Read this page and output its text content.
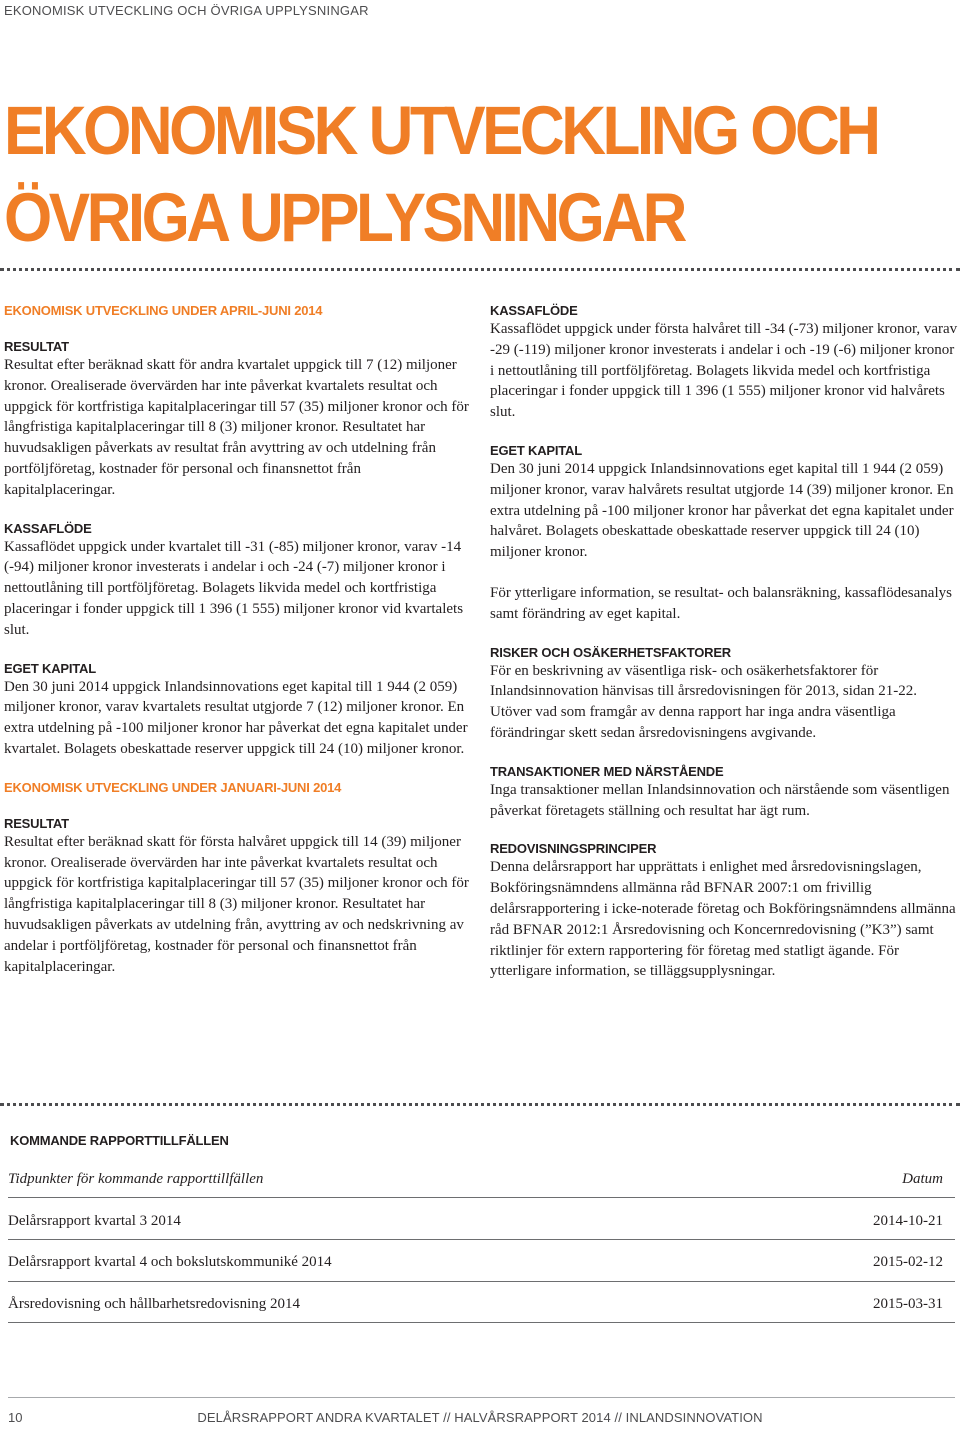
EKONOMISK UTVECKLING OCH ÖVRIGA UPPLYSNINGAR
EKONOMISK UTVECKLING OCH
ÖVRIGA UPPLYSNINGAR
EKONOMISK UTVECKLING UNDER APRIL-JUNI 2014
RESULTAT

Resultat efter beräknad skatt för andra kvartalet uppgick till 7 (12) miljoner kronor. Orealiserade övervärden har inte påverkat kvartalets resultat och uppgick för kortfristiga kapitalplaceringar till 57 (35) miljoner kronor och för långfristiga kapitalplaceringar till 8 (3) miljoner kronor. Resultatet har huvudsakligen påverkats av resultat från avyttring av och utdelning från portföljföretag, kostnader för personal och finansnettot från kapitalplaceringar.

KASSAFLÖDE

Kassaflödet uppgick under kvartalet till -31 (-85) miljoner kronor, varav -14 (-94) miljoner kronor investerats i andelar i och -24 (-7) miljoner kronor i nettoutlåning till portföljföretag. Bolagets likvida medel och kortfristiga placeringar i fonder uppgick till 1 396 (1 555) miljoner kronor vid kvartalets slut.

EGET KAPITAL

Den 30 juni 2014 uppgick Inlandsinnovations eget kapital till 1 944 (2 059) miljoner kronor, varav kvartalets resultat utgjorde 7 (12) miljoner kronor. En extra utdelning på -100 miljoner kronor har påverkat det egna kapitalet under kvartalet. Bolagets obeskattade reserver uppgick till 24 (10) miljoner kronor.

EKONOMISK UTVECKLING UNDER JANUARI-JUNI 2014
RESULTAT

Resultat efter beräknad skatt för första halvåret uppgick till 14 (39) miljoner kronor. Orealiserade övervärden har inte påverkat kvartalets resultat och uppgick för kortfristiga kapitalplaceringar till 57 (35) miljoner kronor och för långfristiga kapitalplaceringar till 8 (3) miljoner kronor. Resultatet har huvudsakligen påverkats av utdelning från, avyttring av och nedskrivning av andelar i portföljföretag, kostnader för personal och finansnettot från kapitalplaceringar.

KASSAFLÖDE

Kassaflödet uppgick under första halvåret till -34 (-73) miljoner kronor, varav -29 (-119) miljoner kronor investerats i andelar i och -19 (-6) miljoner kronor i nettoutlåning till portföljföretag. Bolagets likvida medel och kortfristiga placeringar i fonder uppgick till 1 396 (1 555) miljoner kronor vid halvårets slut.

EGET KAPITAL

Den 30 juni 2014 uppgick Inlandsinnovations eget kapital till 1 944 (2 059) miljoner kronor, varav halvårets resultat utgjorde 14 (39) miljoner kronor. En extra utdelning på -100 miljoner kronor har påverkat det egna kapitalet under halvåret. Bolagets obeskattade obeskattade reserver uppgick till 24 (10) miljoner kronor.

För ytterligare information, se resultat- och balansräkning, kassaflödesanalys samt förändring av eget kapital.

RISKER OCH OSÄKERHETSFAKTORER

För en beskrivning av väsentliga risk- och osäkerhetsfaktorer för Inlandsinnovation hänvisas till årsredovisningen för 2013, sidan 21-22. Utöver vad som framgår av denna rapport har inga andra väsentliga förändringar skett sedan årsredovisningens avgivande.

TRANSAKTIONER MED NÄRSTÅENDE

Inga transaktioner mellan Inlandsinnovation och närstående som väsentligen påverkat företagets ställning och resultat har ägt rum.

REDOVISNINGSPRINCIPER

Denna delårsrapport har upprättats i enlighet med årsredovisningslagen, Bokföringsnämndens allmänna råd BFNAR 2007:1 om frivillig delårsrapportering i icke-noterade företag och Bokföringsnämndens allmänna råd BFNAR 2012:1 Årsredovisning och Koncernredovisning (”K3”) samt riktlinjer för extern rapportering för företag med statligt ägande. För ytterligare information, se tilläggsupplysningar.

KOMMANDE RAPPORTTILLFÄLLEN
Tidpunkter för kommande rapporttillfällen	Datum
Delårsrapport kvartal 3 2014	2014-10-21
Delårsrapport kvartal 4 och bokslutskommuniké 2014	2015-02-12
Årsredovisning och hållbarhetsredovisning 2014	2015-03-31
DELÅRSRAPPORT ANDRA KVARTALET // HALVÅRSRAPPORT 2014 // INLANDSINNOVATION
10
